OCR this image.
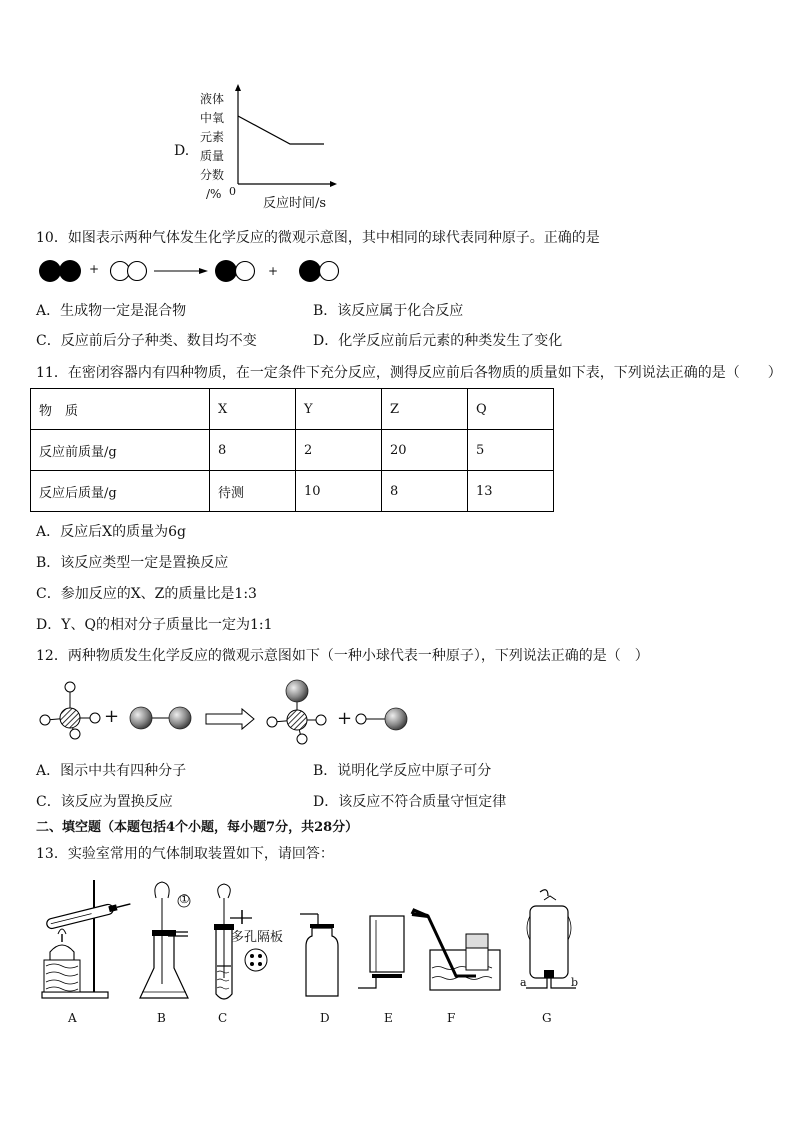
D.
液体
中氧
元素
质量
分数
/% 0
反应时间/s
10．如图表示两种气体发生化学反应的微观示意图，其中相同的球代表同种原子。正确的是
+	+
A．生成物一定是混合物	B．该反应属于化合反应
C．反应前后分子种类、数目均不变	D．化学反应前后元素的种类发生了变化
11．在密闭容器内有四种物质，在一定条件下充分反应，测得反应前后各物质的质量如下表，下列说法正确的是（　　）
物　质	X	Y	Z	Q
反应前质量/g	8	2	20	5
反应后质量/g	待测	10	8	13
A．反应后X的质量为6g
B．该反应类型一定是置换反应
C．参加反应的X、Z的质量比是1:3
D．Y、Q的相对分子质量比一定为1:1
12．两种物质发生化学反应的微观示意图如下（一种小球代表一种原子），下列说法正确的是（　）
+	+
A．图示中共有四种分子	B．说明化学反应中原子可分
C．该反应为置换反应	D．该反应不符合质量守恒定律
二、填空题（本题包括4个小题，每小题7分，共28分）
13．实验室常用的气体制取装置如下，请回答：
①
多孔隔板
a	b
A	B	C	D	E	F	G
